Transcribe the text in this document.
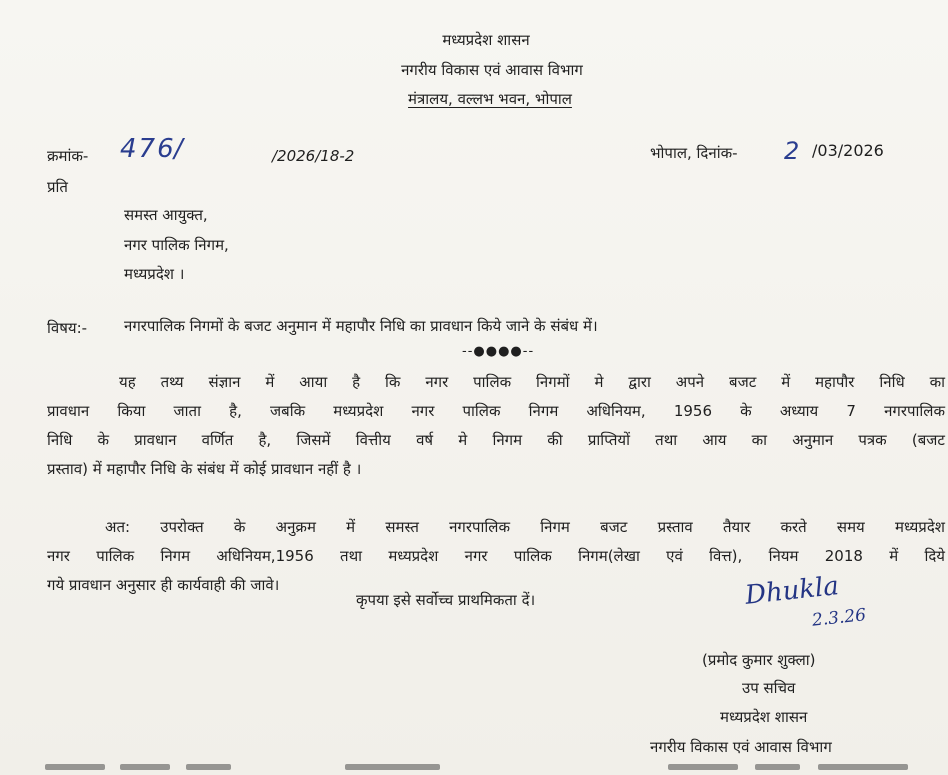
मध्यप्रदेश शासन
नगरीय विकास एवं आवास विभाग
मंत्रालय, वल्लभ भवन, भोपाल
क्रमांक- 476
/	/2026/18-2	भोपाल, दिनांक- 2 /03/2026
प्रति
समस्त आयुक्त,
नगर पालिक निगम,
मध्यप्रदेश ।
विषय:- नगरपालिक निगमों के बजट अनुमान में महापौर निधि का प्रावधान किये जाने के संबंध में।
--●●●●--
यह तथ्य संज्ञान में आया है कि नगर पालिक निगमों मे द्वारा अपने बजट में महापौर निधि का
प्रावधान किया जाता है, जबकि मध्यप्रदेश नगर पालिक निगम अधिनियम, 1956 के अध्याय 7 नगरपालिक
निधि के प्रावधान वर्णित है, जिसमें वित्तीय वर्ष मे निगम की प्राप्तियों तथा आय का अनुमान पत्रक (बजट
प्रस्ताव) में महापौर निधि के संबंध में कोई प्रावधान नहीं है ।
अत: उपरोक्त के अनुक्रम में समस्त नगरपालिक निगम बजट प्रस्ताव तैयार करते समय मध्यप्रदेश
नगर पालिक निगम अधिनियम,1956 तथा मध्यप्रदेश नगर पालिक निगम(लेखा एवं वित्त), नियम 2018 में दिये
गये प्रावधान अनुसार ही कार्यवाही की जावे।
कृपया इसे सर्वोच्च प्राथमिकता दें।	Dhukla
2.3.26
(प्रमोद कुमार शुक्ला)
उप सचिव
मध्यप्रदेश शासन
नगरीय विकास एवं आवास विभाग
